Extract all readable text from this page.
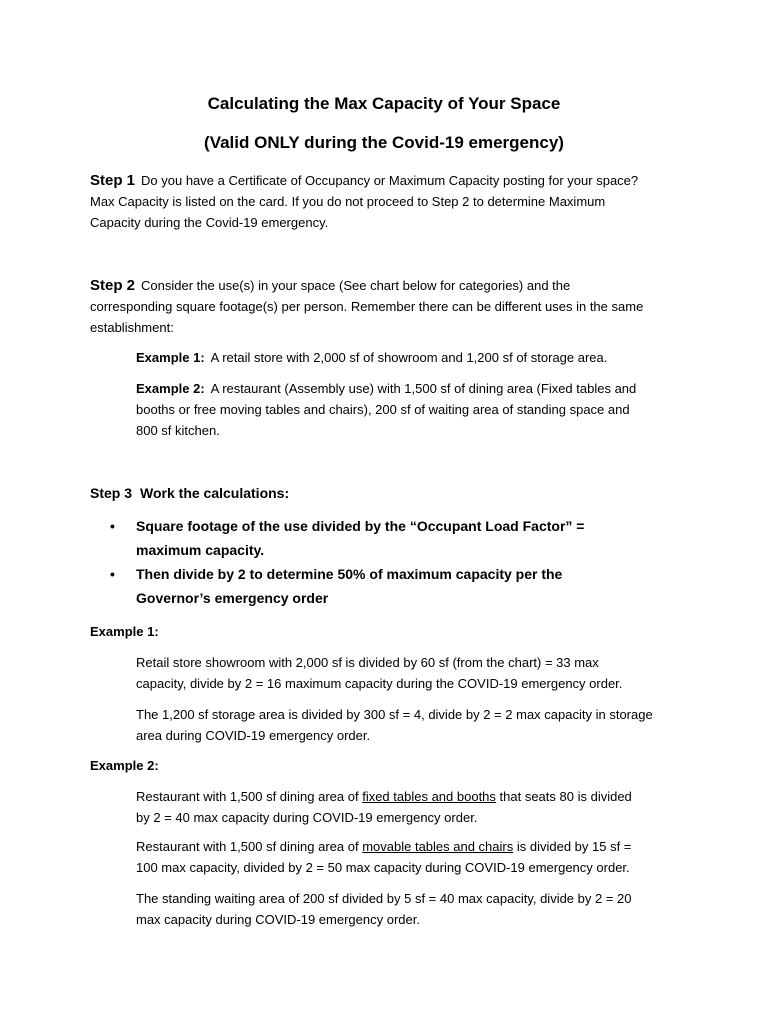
Calculating the Max Capacity of Your Space

(Valid ONLY during the Covid-19 emergency)

Step 1 Do you have a Certificate of Occupancy or Maximum Capacity posting for your space?
Max Capacity is listed on the card. If you do not proceed to Step 2 to determine Maximum
Capacity during the Covid-19 emergency.
Step 2 Consider the use(s) in your space (See chart below for categories) and the
corresponding square footage(s) per person. Remember there can be different uses in the same
establishment:
Example 1: A retail store with 2,000 sf of showroom and 1,200 sf of storage area.
Example 2: A restaurant (Assembly use) with 1,500 sf of dining area (Fixed tables and
booths or free moving tables and chairs), 200 sf of waiting area of standing space and
800 sf kitchen.
Step 3 Work the calculations:
• Square footage of the use divided by the “Occupant Load Factor” =
maximum capacity.
• Then divide by 2 to determine 50% of maximum capacity per the
Governor’s emergency order

Example 1:

Retail store showroom with 2,000 sf is divided by 60 sf (from the chart) = 33 max
capacity, divide by 2 = 16 maximum capacity during the COVID-19 emergency order.
The 1,200 sf storage area is divided by 300 sf = 4, divide by 2 = 2 max capacity in storage
area during COVID-19 emergency order.

Example 2:

Restaurant with 1,500 sf dining area of fixed tables and booths that seats 80 is divided
by 2 = 40 max capacity during COVID-19 emergency order.
Restaurant with 1,500 sf dining area of movable tables and chairs is divided by 15 sf =
100 max capacity, divided by 2 = 50 max capacity during COVID-19 emergency order.
The standing waiting area of 200 sf divided by 5 sf = 40 max capacity, divide by 2 = 20
max capacity during COVID-19 emergency order.
